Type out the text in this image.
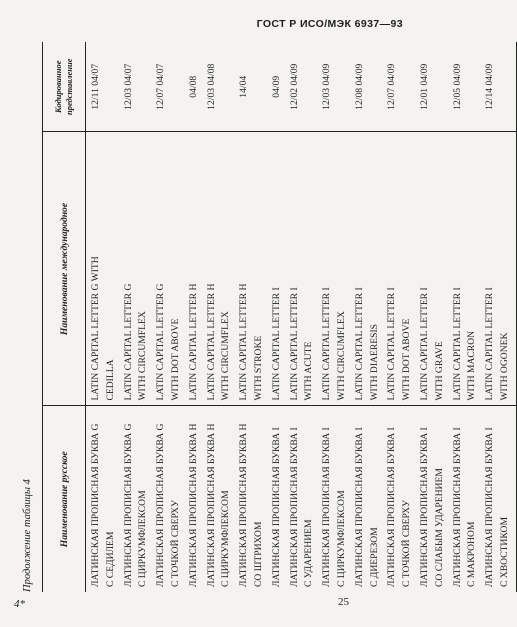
ГОСТ Р ИСО/МЭК 6937—93
Продолжение таблицы 4	Наименование русское	Наименование международное	Кодированное представление

ЛАТИНСКАЯ ПРОПИСНАЯ БУКВА G С СЕДИЛЕМ	LATIN CAPITAL LETTER G WITH CEDILLA	12/11 04/07

ЛАТИНСКАЯ ПРОПИСНАЯ БУКВА G С ЦИРКУМФЛЕКСОМ	LATIN CAPITAL LETTER G WITH CIRCUMFLEX	12/03 04/07

ЛАТИНСКАЯ ПРОПИСНАЯ БУКВА G С ТОЧКОЙ СВЕРХУ	LATIN CAPITAL LETTER G WITH DOT ABOVE	12/07 04/07

ЛАТИНСКАЯ ПРОПИСНАЯ БУКВА H	LATIN CAPITAL LETTER H	04/08

ЛАТИНСКАЯ ПРОПИСНАЯ БУКВА H С ЦИРКУМФЛЕКСОМ	LATIN CAPITAL LETTER H WITH CIRCUMFLEX	12/03 04/08

ЛАТИНСКАЯ ПРОПИСНАЯ БУКВА H СО ШТРИХОМ	LATIN CAPITAL LETTER H WITH STROKE	14/04

ЛАТИНСКАЯ ПРОПИСНАЯ БУКВА I	LATIN CAPITAL LETTER I	04/09

ЛАТИНСКАЯ ПРОПИСНАЯ БУКВА I С УДАРЕНИЕМ	LATIN CAPITAL LETTER I WITH ACUTE	12/02 04/09

ЛАТИНСКАЯ ПРОПИСНАЯ БУКВА I С ЦИРКУМФЛЕКСОМ	LATIN CAPITAL LETTER I WITH CIRCUMFLEX	12/03 04/09

ЛАТИНСКАЯ ПРОПИСНАЯ БУКВА I С ДИЕРЕЗОМ	LATIN CAPITAL LETTER I WITH DIAERESIS	12/08 04/09

ЛАТИНСКАЯ ПРОПИСНАЯ БУКВА I С ТОЧКОЙ СВЕРХУ	LATIN CAPITAL LETTER I WITH DOT ABOVE	12/07 04/09

ЛАТИНСКАЯ ПРОПИСНАЯ БУКВА I СО СЛАБЫМ УДАРЕНИЕМ	LATIN CAPITAL LETTER I WITH GRAVE	12/01 04/09

ЛАТИНСКАЯ ПРОПИСНАЯ БУКВА I С МАКРОНОМ	LATIN CAPITAL LETTER I WITH MACRON	12/05 04/09

ЛАТИНСКАЯ ПРОПИСНАЯ БУКВА I С ХВОСТИКОМ	LATIN CAPITAL LETTER I WITH OGONEK	12/14 04/09
4*	25
